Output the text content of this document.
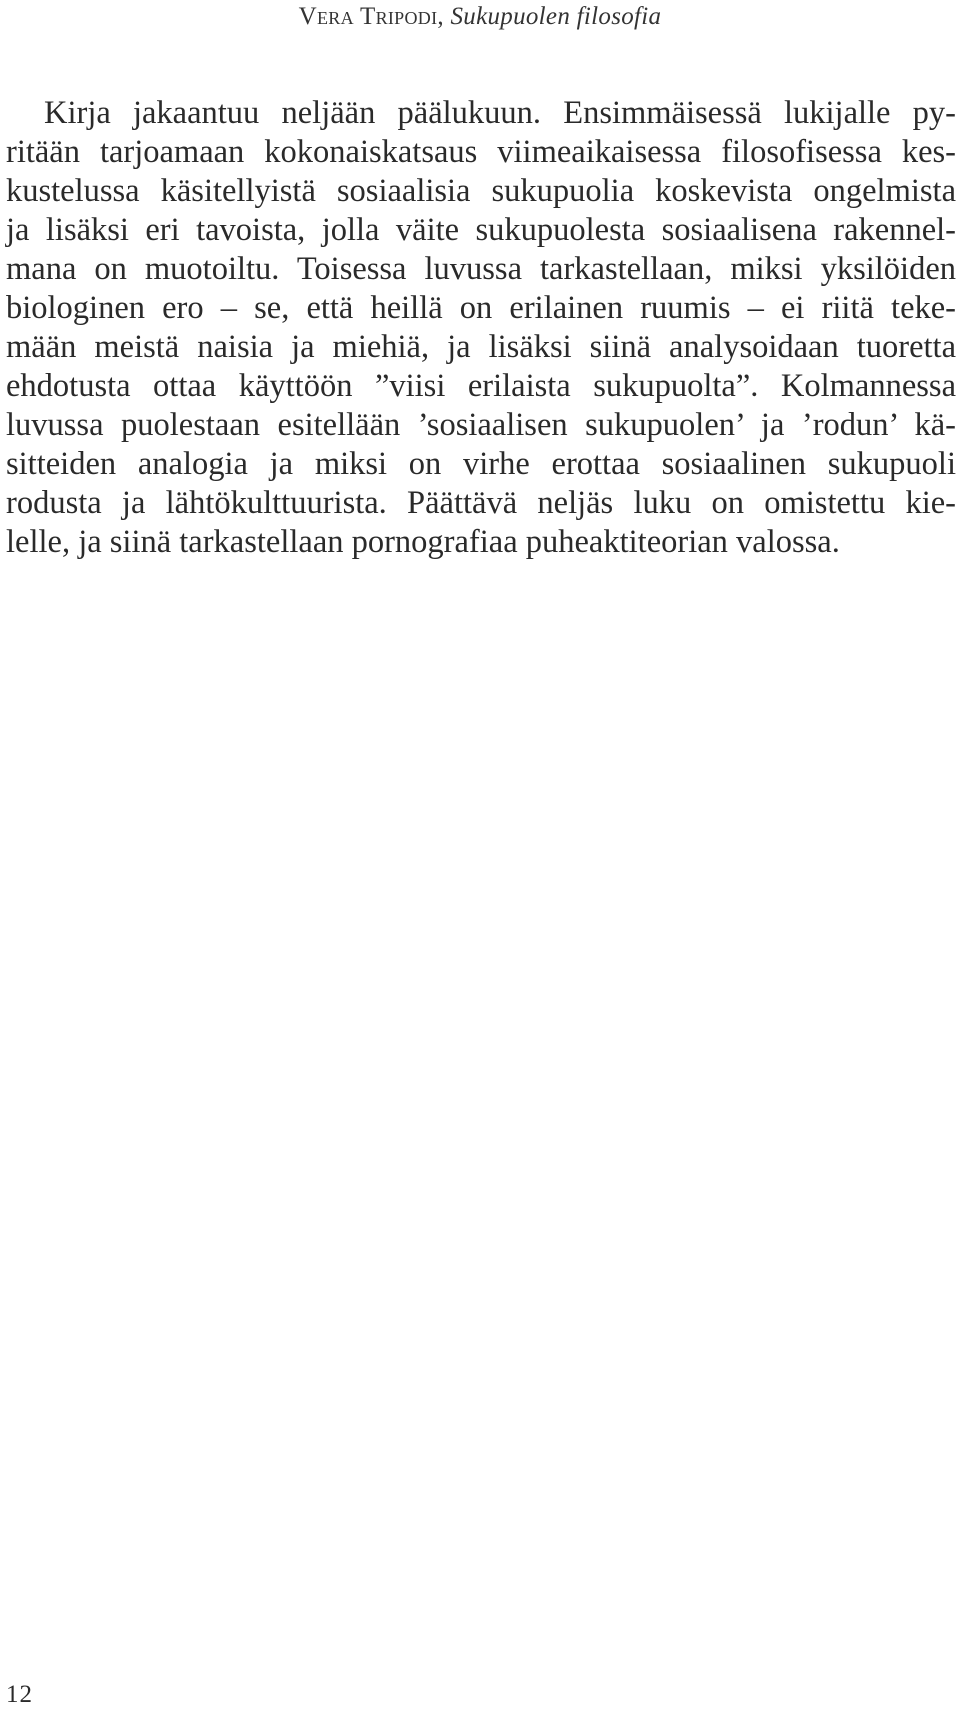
Vera Tripodi, Sukupuolen filosofia

Kirja jakaantuu neljään päälukuun. Ensimmäisessä lukijalle py-
ritään tarjoamaan kokonaiskatsaus viimeaikaisessa filosofisessa kes-
kustelussa käsitellyistä sosiaalisia sukupuolia koskevista ongelmista
ja lisäksi eri tavoista, jolla väite sukupuolesta sosiaalisena rakennel-
mana on muotoiltu. Toisessa luvussa tarkastellaan, miksi yksilöiden
biologinen ero – se, että heillä on erilainen ruumis – ei riitä teke-
mään meistä naisia ja miehiä, ja lisäksi siinä analysoidaan tuoretta
ehdotusta ottaa käyttöön ”viisi erilaista sukupuolta”. Kolmannessa
luvussa puolestaan esitellään ’sosiaalisen sukupuolen’ ja ’rodun’ kä-
sitteiden analogia ja miksi on virhe erottaa sosiaalinen sukupuoli
rodusta ja lähtökulttuurista. Päättävä neljäs luku on omistettu kie-
lelle, ja siinä tarkastellaan pornografiaa puheaktiteorian valossa.

12
